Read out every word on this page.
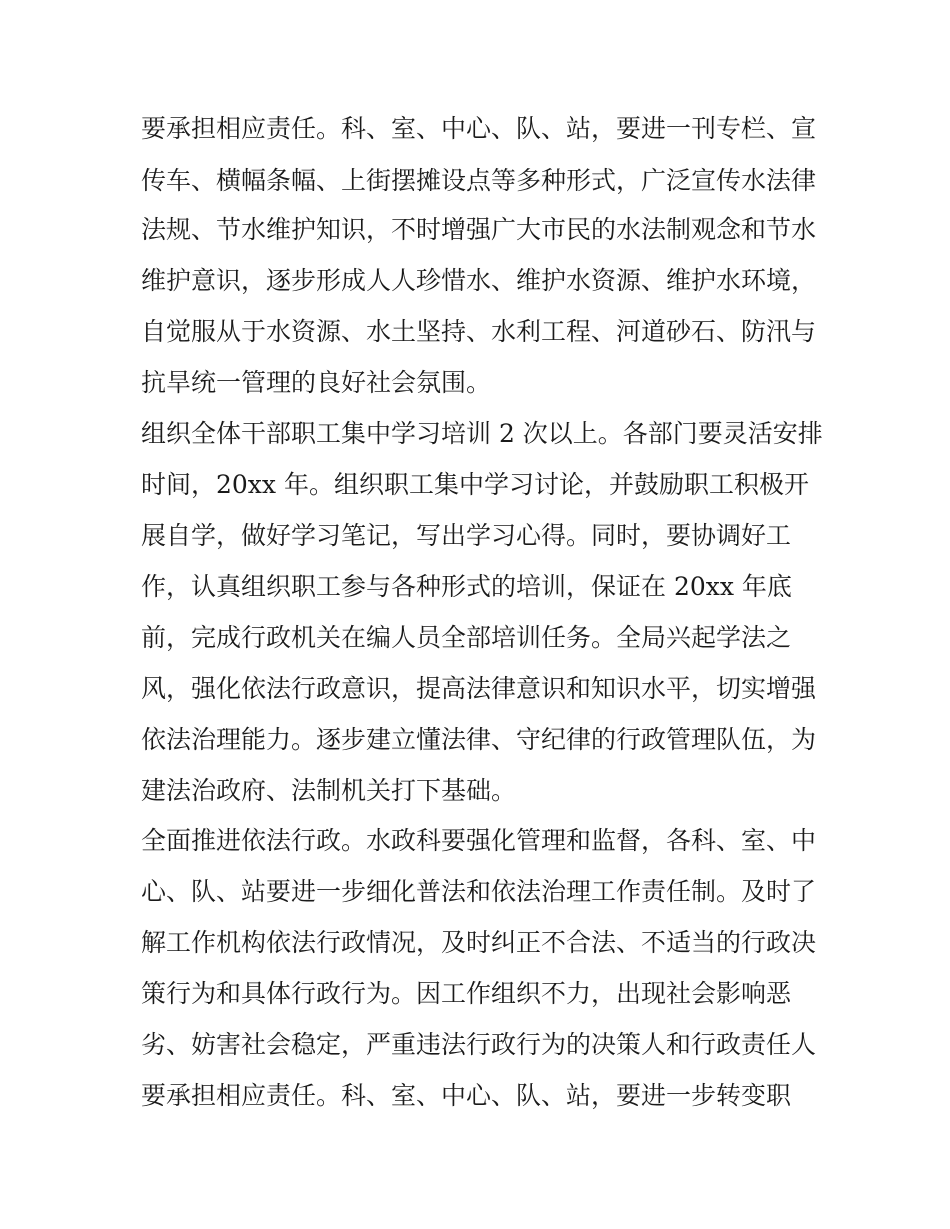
要承担相应责任。科、室、中心、队、站，要进一刊专栏、宣
传车、横幅条幅、上街摆摊设点等多种形式，广泛宣传水法律
法规、节水维护知识，不时增强广大市民的水法制观念和节水
维护意识，逐步形成人人珍惜水、维护水资源、维护水环境，
自觉服从于水资源、水土坚持、水利工程、河道砂石、防汛与
抗旱统一管理的良好社会氛围。
组织全体干部职工集中学习培训 2 次以上。各部门要灵活安排
时间，20xx 年。组织职工集中学习讨论，并鼓励职工积极开
展自学，做好学习笔记，写出学习心得。同时，要协调好工
作，认真组织职工参与各种形式的培训，保证在 20xx 年底
前，完成行政机关在编人员全部培训任务。全局兴起学法之
风，强化依法行政意识，提高法律意识和知识水平，切实增强
依法治理能力。逐步建立懂法律、守纪律的行政管理队伍，为
建法治政府、法制机关打下基础。
全面推进依法行政。水政科要强化管理和监督，各科、室、中
心、队、站要进一步细化普法和依法治理工作责任制。及时了
解工作机构依法行政情况，及时纠正不合法、不适当的行政决
策行为和具体行政行为。因工作组织不力，出现社会影响恶
劣、妨害社会稳定，严重违法行政行为的决策人和行政责任人
要承担相应责任。科、室、中心、队、站，要进一步转变职
